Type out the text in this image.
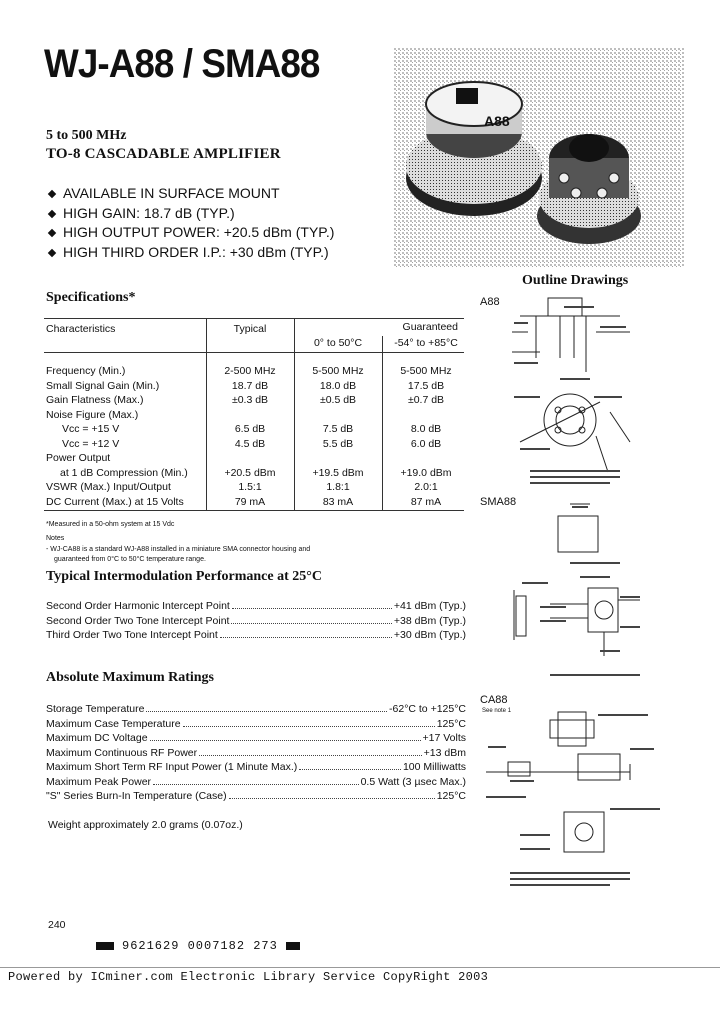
WJ-A88 / SMA88
5 to 500 MHz
TO-8 CASCADABLE AMPLIFIER
AVAILABLE IN SURFACE MOUNT
HIGH GAIN: 18.7 dB (TYP.)
HIGH OUTPUT POWER: +20.5 dBm (TYP.)
HIGH THIRD ORDER I.P.: +30 dBm (TYP.)
A88
Specifications*
Characteristics	Typical	Guaranteed
0° to 50°C	-54° to +85°C
Frequency (Min.)	2-500 MHz	5-500 MHz	5-500 MHz
Small Signal Gain (Min.)	18.7 dB	18.0 dB	17.5 dB
Gain Flatness (Max.)	±0.3 dB	±0.5 dB	±0.7 dB
Noise Figure (Max.)
Vcc = +15 V	6.5 dB	7.5 dB	8.0 dB
Vcc = +12 V	4.5 dB	5.5 dB	6.0 dB
Power Output
at 1 dB Compression (Min.)	+20.5 dBm	+19.5 dBm	+19.0 dBm
VSWR (Max.) Input/Output	1.5:1	1.8:1	2.0:1
DC Current (Max.) at 15 Volts	79 mA	83 mA	87 mA
*Measured in a 50-ohm system at 15 Vdc
Notes
- WJ-CA88 is a standard WJ-A88 installed in a miniature SMA connector housing and
guaranteed from 0°C to 50°C temperature range.
Typical Intermodulation Performance at 25°C
Second Order Harmonic Intercept Point	+41 dBm (Typ.)
Second Order Two Tone Intercept Point	+38 dBm (Typ.)
Third Order Two Tone Intercept Point	+30 dBm (Typ.)
Absolute Maximum Ratings
Storage Temperature	-62°C to +125°C
Maximum Case Temperature	125°C
Maximum DC Voltage	+17 Volts
Maximum Continuous RF Power	+13 dBm
Maximum Short Term RF Input Power (1 Minute Max.)	100 Milliwatts
Maximum Peak Power	0.5 Watt (3 µsec Max.)
"S" Series Burn-In Temperature (Case)	125°C
Weight approximately 2.0 grams (0.07oz.)
Outline Drawings
A88
SMA88
CA88
See note 1
240
9621629 0007182 273
Powered by ICminer.com Electronic Library Service CopyRight 2003
